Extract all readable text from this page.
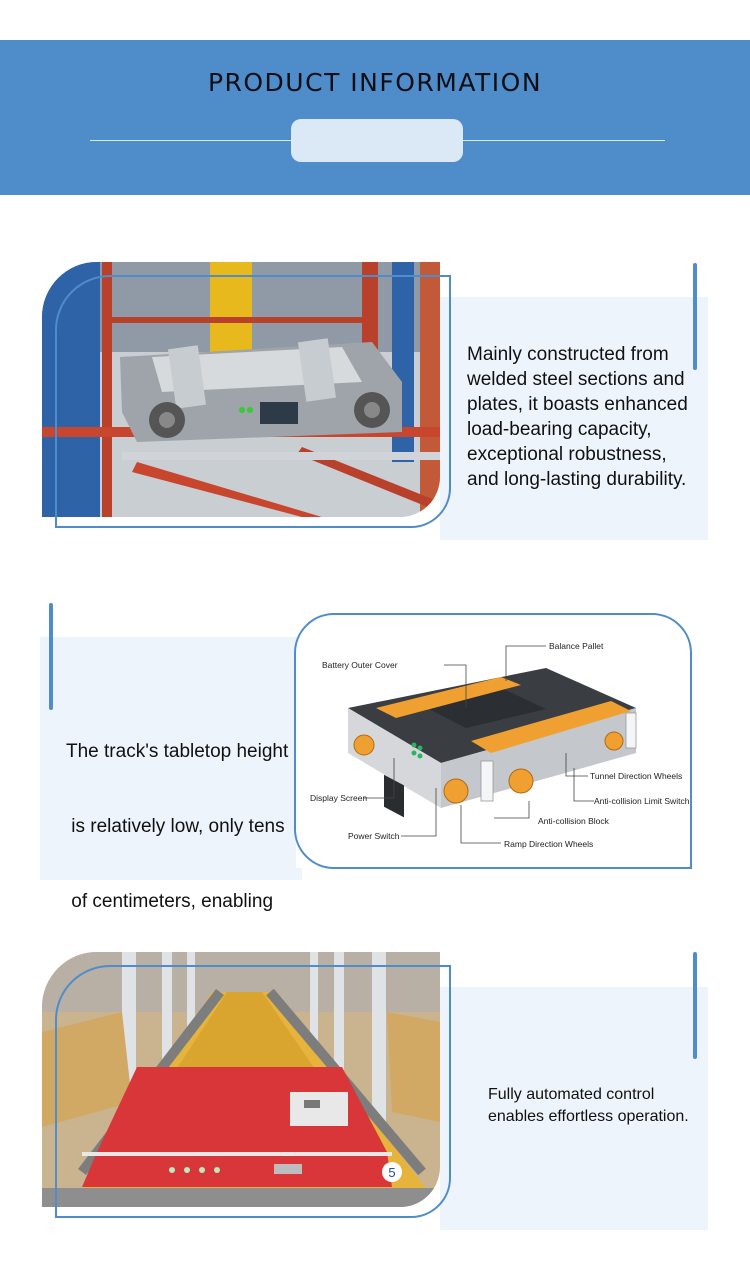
PRODUCT INFORMATION
Mainly constructed from
welded steel sections and
plates, it boasts enhanced
load-bearing capacity,
exceptional robustness,
and long-lasting durability.

The track's tabletop height

is relatively low, only tens

of centimeters, enabling

Balance Pallet
Battery Outer Cover
Tunnel Direction Wheels
Anti-collision Limit Switch
Display Screen
Anti-collision Block
Power Switch
Ramp Direction Wheels
5
Fully automated control
enables effortless operation.
